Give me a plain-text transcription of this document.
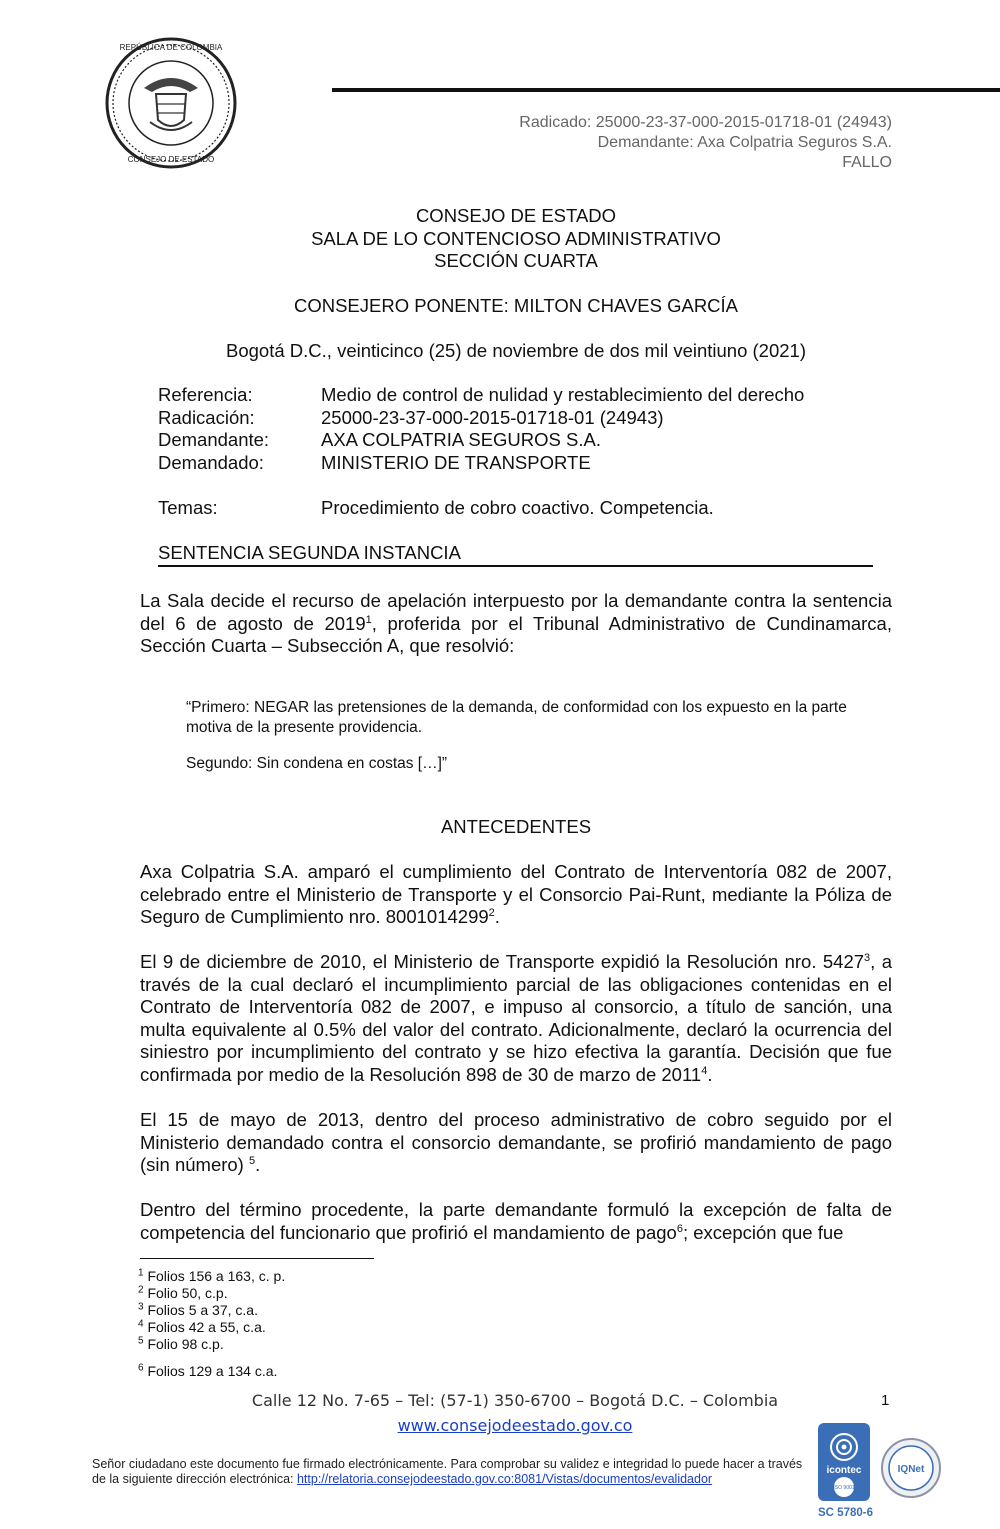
REPÚBLICA DE COLOMBIA
CONSEJO DE ESTADO
Radicado: 25000-23-37-000-2015-01718-01 (24943)
Demandante: Axa Colpatria Seguros S.A.
FALLO
CONSEJO DE ESTADO
SALA DE LO CONTENCIOSO ADMINISTRATIVO
SECCIÓN CUARTA
CONSEJERO PONENTE: MILTON CHAVES GARCÍA
Bogotá D.C., veinticinco (25) de noviembre de dos mil veintiuno (2021)
Referencia:	Medio de control de nulidad y restablecimiento del derecho
Radicación:	25000-23-37-000-2015-01718-01 (24943)
Demandante:	AXA COLPATRIA SEGUROS S.A.
Demandado:	MINISTERIO DE TRANSPORTE
Temas:	Procedimiento de cobro coactivo. Competencia.
SENTENCIA SEGUNDA INSTANCIA
La Sala decide el recurso de apelación interpuesto por la demandante contra la sentencia del 6 de agosto de 2019$^1$, proferida por el Tribunal Administrativo de Cundinamarca, Sección Cuarta – Subsección A, que resolvió:
“Primero: NEGAR las pretensiones de la demanda, de conformidad con los expuesto en la parte motiva de la presente providencia.
Segundo: Sin condena en costas […]”
ANTECEDENTES
Axa Colpatria S.A. amparó el cumplimiento del Contrato de Interventoría 082 de 2007, celebrado entre el Ministerio de Transporte y el Consorcio Pai-Runt, mediante la Póliza de Seguro de Cumplimiento nro. 8001014299$^2$.
El 9 de diciembre de 2010, el Ministerio de Transporte expidió la Resolución nro. 5427$^3$, a través de la cual declaró el incumplimiento parcial de las obligaciones contenidas en el Contrato de Interventoría 082 de 2007, e impuso al consorcio, a título de sanción, una multa equivalente al 0.5% del valor del contrato. Adicionalmente, declaró la ocurrencia del siniestro por incumplimiento del contrato y se hizo efectiva la garantía. Decisión que fue confirmada por medio de la Resolución 898 de 30 de marzo de 2011$^4$.
El 15 de mayo de 2013, dentro del proceso administrativo de cobro seguido por el Ministerio demandado contra el consorcio demandante, se profirió mandamiento de pago (sin número) $^5$.
Dentro del término procedente, la parte demandante formuló la excepción de falta de competencia del funcionario que profirió el mandamiento de pago$^6$; excepción que fue
$^1$ Folios 156 a 163, c. p.
$^2$ Folio 50, c.p.
$^3$ Folios 5 a 37, c.a.
$^4$ Folios 42 a 55, c.a.
$^5$ Folio 98 c.p.
$^6$ Folios 129 a 134 c.a.
Calle 12 No. 7-65 – Tel: (57-1) 350-6700 – Bogotá D.C. – Colombia
www.consejodeestado.gov.co
1
Señor ciudadano este documento fue firmado electrónicamente. Para comprobar su validez e integridad lo puede hacer a través de la siguiente dirección electrónica: http://relatoria.consejodeestado.gov.co:8081/Vistas/documentos/evalidador
icontec
ISO 9001
IQNet
SC 5780-6
